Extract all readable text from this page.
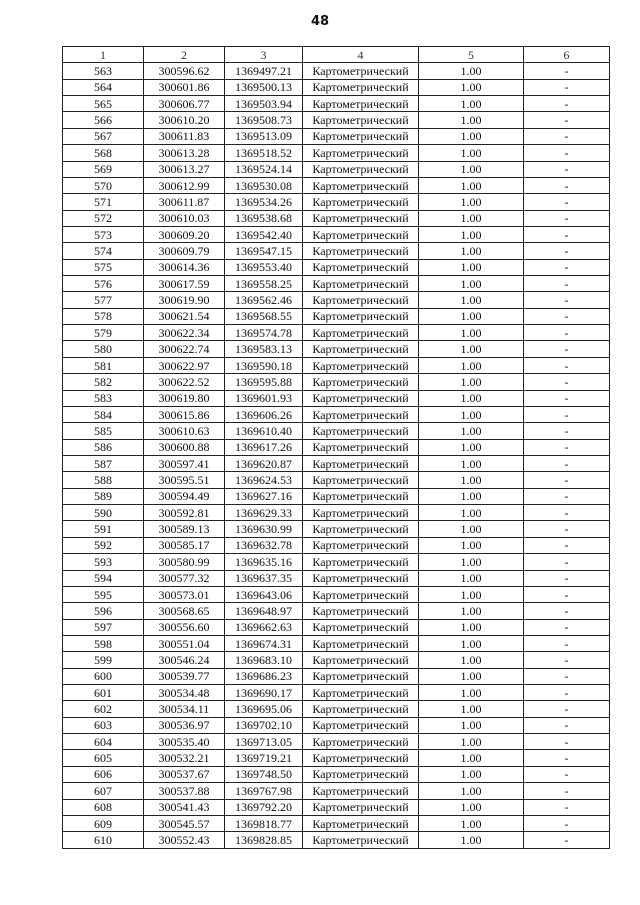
48
1	2	3	4	5	6
563	300596.62	1369497.21	Картометрический	1.00	-
564	300601.86	1369500.13	Картометрический	1.00	-
565	300606.77	1369503.94	Картометрический	1.00	-
566	300610.20	1369508.73	Картометрический	1.00	-
567	300611.83	1369513.09	Картометрический	1.00	-
568	300613.28	1369518.52	Картометрический	1.00	-
569	300613.27	1369524.14	Картометрический	1.00	-
570	300612.99	1369530.08	Картометрический	1.00	-
571	300611.87	1369534.26	Картометрический	1.00	-
572	300610.03	1369538.68	Картометрический	1.00	-
573	300609.20	1369542.40	Картометрический	1.00	-
574	300609.79	1369547.15	Картометрический	1.00	-
575	300614.36	1369553.40	Картометрический	1.00	-
576	300617.59	1369558.25	Картометрический	1.00	-
577	300619.90	1369562.46	Картометрический	1.00	-
578	300621.54	1369568.55	Картометрический	1.00	-
579	300622.34	1369574.78	Картометрический	1.00	-
580	300622.74	1369583.13	Картометрический	1.00	-
581	300622.97	1369590.18	Картометрический	1.00	-
582	300622.52	1369595.88	Картометрический	1.00	-
583	300619.80	1369601.93	Картометрический	1.00	-
584	300615.86	1369606.26	Картометрический	1.00	-
585	300610.63	1369610.40	Картометрический	1.00	-
586	300600.88	1369617.26	Картометрический	1.00	-
587	300597.41	1369620.87	Картометрический	1.00	-
588	300595.51	1369624.53	Картометрический	1.00	-
589	300594.49	1369627.16	Картометрический	1.00	-
590	300592.81	1369629.33	Картометрический	1.00	-
591	300589.13	1369630.99	Картометрический	1.00	-
592	300585.17	1369632.78	Картометрический	1.00	-
593	300580.99	1369635.16	Картометрический	1.00	-
594	300577.32	1369637.35	Картометрический	1.00	-
595	300573.01	1369643.06	Картометрический	1.00	-
596	300568.65	1369648.97	Картометрический	1.00	-
597	300556.60	1369662.63	Картометрический	1.00	-
598	300551.04	1369674.31	Картометрический	1.00	-
599	300546.24	1369683.10	Картометрический	1.00	-
600	300539.77	1369686.23	Картометрический	1.00	-
601	300534.48	1369690.17	Картометрический	1.00	-
602	300534.11	1369695.06	Картометрический	1.00	-
603	300536.97	1369702.10	Картометрический	1.00	-
604	300535.40	1369713.05	Картометрический	1.00	-
605	300532.21	1369719.21	Картометрический	1.00	-
606	300537.67	1369748.50	Картометрический	1.00	-
607	300537.88	1369767.98	Картометрический	1.00	-
608	300541.43	1369792.20	Картометрический	1.00	-
609	300545.57	1369818.77	Картометрический	1.00	-
610	300552.43	1369828.85	Картометрический	1.00	-
